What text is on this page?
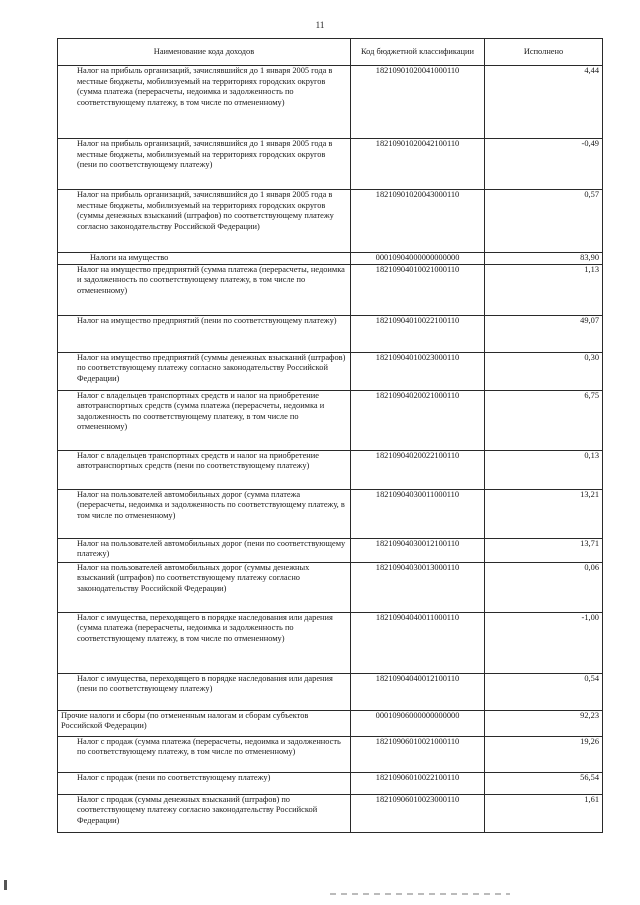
11
Наименование кода доходов	Код бюджетной классификации	Исполнено
Налог на прибыль организаций, зачислявшийся до 1 января 2005 года в местные бюджеты, мобилизуемый на территориях городских округов (сумма платежа (перерасчеты, недоимка и задолженность по соответствующему платежу, в том числе по отмененному)	18210901020041000110	4,44
Налог на прибыль организаций, зачислявшийся до 1 января 2005 года в местные бюджеты, мобилизуемый на территориях городских округов (пени по соответствующему платежу)	18210901020042100110	-0,49
Налог на прибыль организаций, зачислявшийся до 1 января 2005 года в местные бюджеты, мобилизуемый на территориях городских округов (суммы денежных взысканий (штрафов) по соответствующему платежу согласно законодательству Российской Федерации)	18210901020043000110	0,57
Налоги на имущество	00010904000000000000	83,90
Налог на имущество предприятий (сумма платежа (перерасчеты, недоимка и задолженность по соответствующему платежу, в том числе по отмененному)	18210904010021000110	1,13
Налог на имущество предприятий (пени по соответствующему платежу)	18210904010022100110	49,07
Налог на имущество предприятий (суммы денежных взысканий (штрафов) по соответствующему платежу согласно законодательству Российской Федерации)	18210904010023000110	0,30
Налог с владельцев транспортных средств и налог на приобретение автотранспортных средств (сумма платежа (перерасчеты, недоимка и задолженность по соответствующему платежу, в том числе по отмененному)	18210904020021000110	6,75
Налог с владельцев транспортных средств и налог на приобретение автотранспортных средств (пени по соответствующему платежу)	18210904020022100110	0,13
Налог на пользователей автомобильных дорог (сумма платежа (перерасчеты, недоимка и задолженность по соответствующему платежу, в том числе по отмененному)	18210904030011000110	13,21
Налог на пользователей автомобильных дорог (пени по соответствующему платежу)	18210904030012100110	13,71
Налог на пользователей автомобильных дорог (суммы денежных взысканий (штрафов) по соответствующему платежу согласно законодательству Российской Федерации)	18210904030013000110	0,06
Налог с имущества, переходящего в порядке наследования или дарения (сумма платежа (перерасчеты, недоимка и задолженность по соответствующему платежу, в том числе по отмененному)	18210904040011000110	-1,00
Налог с имущества, переходящего в порядке наследования или дарения (пени по соответствующему платежу)	18210904040012100110	0,54
Прочие налоги и сборы (по отмененным налогам и сборам субъектов Российской Федерации)	00010906000000000000	92,23
Налог с продаж (сумма платежа (перерасчеты, недоимка и задолженность по соответствующему платежу, в том числе по отмененному)	18210906010021000110	19,26
Налог с продаж (пени по соответствующему платежу)	18210906010022100110	56,54
Налог с продаж (суммы денежных взысканий (штрафов) по соответствующему платежу согласно законодательству Российской Федерации)	18210906010023000110	1,61
